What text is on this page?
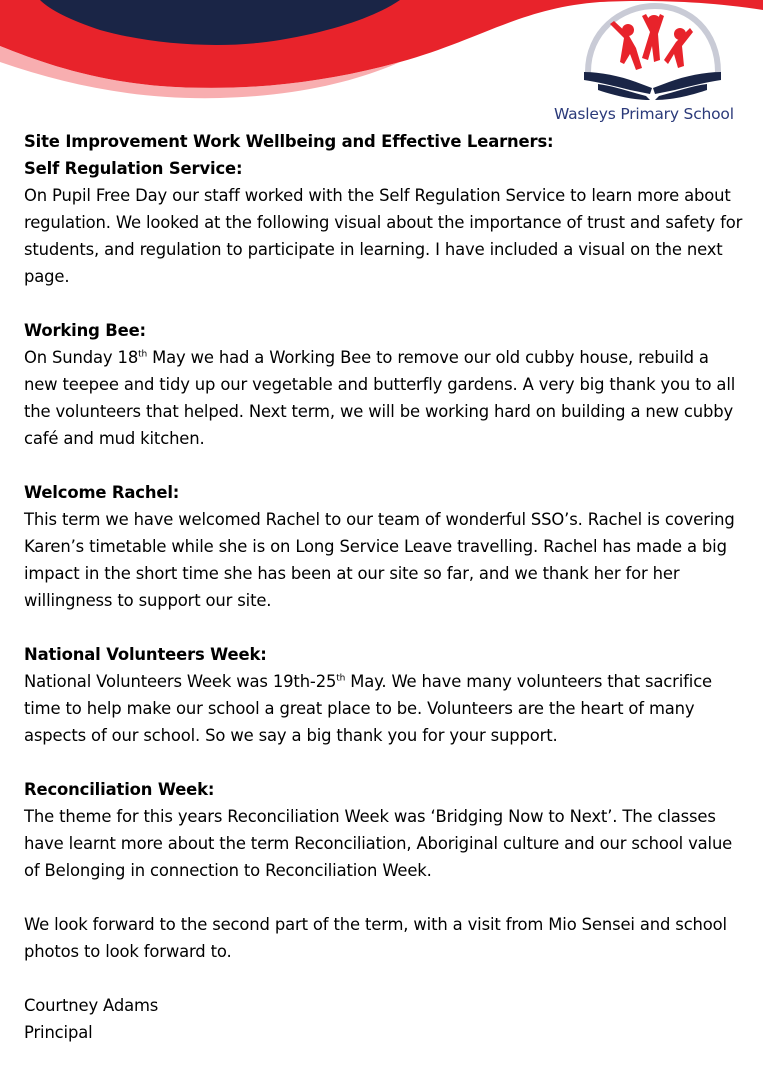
Wasleys Primary School

Site Improvement Work Wellbeing and Effective Learners:

Self Regulation Service:

On Pupil Free Day our staff worked with the Self Regulation Service to learn more about regulation. We looked at the following visual about the importance of trust and safety for students, and regulation to participate in learning. I have included a visual on the next page.

Working Bee:

On Sunday 18th May we had a Working Bee to remove our old cubby house, rebuild a new teepee and tidy up our vegetable and butterfly gardens. A very big thank you to all the volunteers that helped. Next term, we will be working hard on building a new cubby café and mud kitchen.

Welcome Rachel:

This term we have welcomed Rachel to our team of wonderful SSO’s. Rachel is covering Karen’s timetable while she is on Long Service Leave travelling. Rachel has made a big impact in the short time she has been at our site so far, and we thank her for her willingness to support our site.

National Volunteers Week:

National Volunteers Week was 19th-25th May. We have many volunteers that sacrifice time to help make our school a great place to be. Volunteers are the heart of many aspects of our school. So we say a big thank you for your support.

Reconciliation Week:

The theme for this years Reconciliation Week was ‘Bridging Now to Next’. The classes have learnt more about the term Reconciliation, Aboriginal culture and our school value of Belonging in connection to Reconciliation Week.

We look forward to the second part of the term, with a visit from Mio Sensei and school photos to look forward to.

Courtney Adams

Principal
